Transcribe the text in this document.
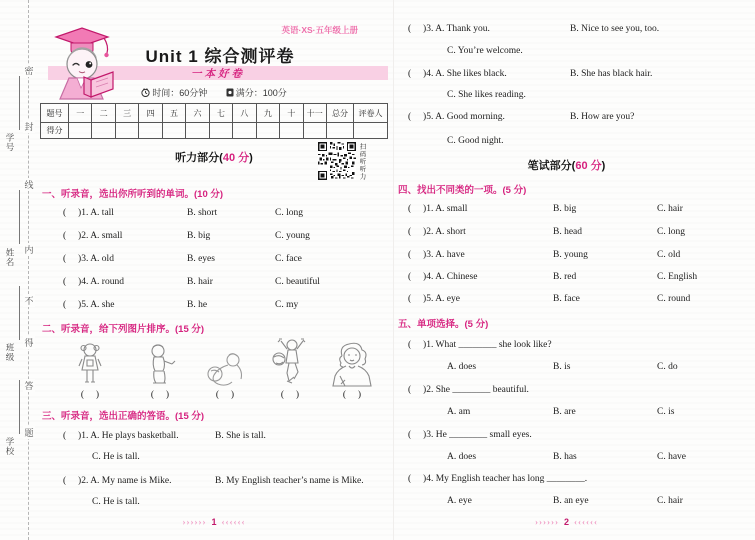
密
封
线
内
不
得
答
题
学号
姓名
班级
学校
英语·XS·五年级上册
一本好卷
Unit 1 综合测评卷
时间：60分钟	满分：100分
题号	一	二	三	四	五	六	七	八	九	十	十一	总分	评卷人
得分													
听力部分(40 分)	扫码听听力
一、听录音，选出你所听到的单词。(10 分)
(     )1. A. tall	B. short	C. long
(     )2. A. small	B. big	C. young
(     )3. A. old	B. eyes	C. face
(     )4. A. round	B. hair	C. beautiful
(     )5. A. she	B. he	C. my
二、听录音，给下列图片排序。(15 分)
(     )	(     )	(     )	(     )	(     )
三、听录音，选出正确的答语。(15 分)
(     )1. A. He plays basketball.	B. She is tall.
C. He is tall.
(     )2. A. My name is Mike.	B. My English teacher’s name is Mike.
C. He is tall.
›››››› 1 ‹‹‹‹‹‹
(     )3. A. Thank you.	B. Nice to see you, too.
C. You’re welcome.
(     )4. A. She likes black.	B. She has black hair.
C. She likes reading.
(     )5. A. Good morning.	B. How are you?
C. Good night.
笔试部分(60 分)
四、找出不同类的一项。(5 分)
(     )1. A. small	B. big	C. hair
(     )2. A. short	B. head	C. long
(     )3. A. have	B. young	C. old
(     )4. A. Chinese	B. red	C. English
(     )5. A. eye	B. face	C. round
五、单项选择。(5 分)
(     )1. What ________ she look like?
A. does	B. is	C. do
(     )2. She ________ beautiful.
A. am	B. are	C. is
(     )3. He ________ small eyes.
A. does	B. has	C. have
(     )4. My English teacher has long ________.
A. eye	B. an eye	C. hair
›››››› 2 ‹‹‹‹‹‹
